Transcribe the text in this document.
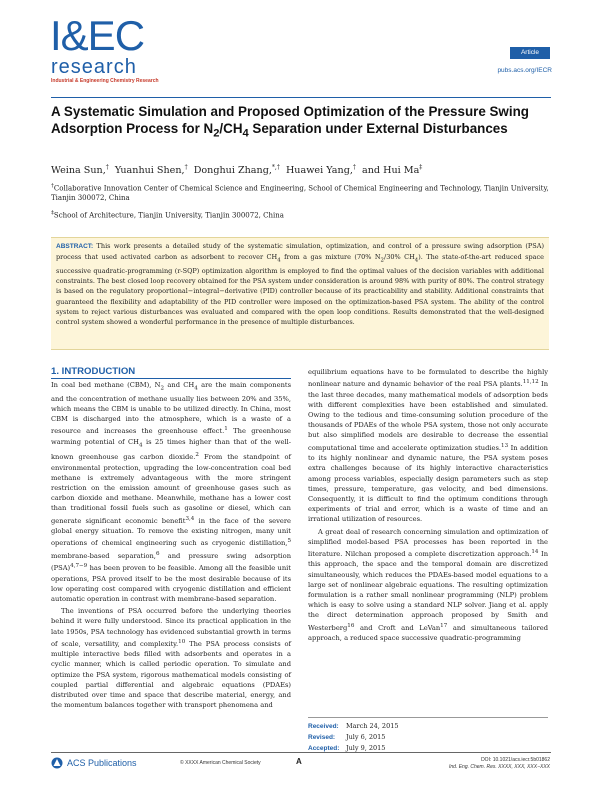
I&EC
research
Industrial & Engineering Chemistry Research
Article
pubs.acs.org/IECR
A Systematic Simulation and Proposed Optimization of the Pressure Swing Adsorption Process for $N_2/CH_4$ Separation under External Disturbances
Weina Sun,† Yuanhui Shen,† Donghui Zhang,*,† Huawei Yang,† and Hui Ma‡
†Collaborative Innovation Center of Chemical Science and Engineering, School of Chemical Engineering and Technology, Tianjin University, Tianjin 300072, China
‡School of Architecture, Tianjin University, Tianjin 300072, China
ABSTRACT: This work presents a detailed study of the systematic simulation, optimization, and control of a pressure swing adsorption (PSA) process that used activated carbon as adsorbent to recover $CH_4$ from a gas mixture (70% $N_2/30\%$ $CH_4$). The state-of-the-art reduced space successive quadratic-programming (r-SQP) optimization algorithm is employed to find the optimal values of the decision variables with additional constraints. The best closed loop recovery obtained for the PSA system under consideration is around 98% with purity of 80%. The control strategy is based on the regulatory proportional−integral−derivative (PID) controller because of its practicability and stability. Additional constraints that guaranteed the flexibility and adaptability of the PID controller were imposed on the optimization-based PSA system. The ability of the control system to reject various disturbances was evaluated and compared with the open loop conditions. Results demonstrated that the well-designed control system showed a wonderful performance in the presence of multiple disturbances.
1. INTRODUCTION

In coal bed methane (CBM), $N_2$ and $CH_4$ are the main components and the concentration of methane usually lies between 20% and 35%, which means the CBM is unable to be utilized directly. In China, most CBM is discharged into the atmosphere, which is a waste of a resource and increases the greenhouse effect.$^1$ The greenhouse warming potential of $CH_4$ is 25 times higher than that of the well-known greenhouse gas carbon dioxide.$^2$ From the standpoint of environmental protection, upgrading the low-concentration coal bed methane is extremely advantageous with the more stringent restriction on the emission amount of greenhouse gases such as carbon dioxide and methane. Meanwhile, methane has a lower cost than traditional fossil fuels such as gasoline or diesel, which can generate significant economic benefit$^{3,4}$ in the face of the severe global energy situation. To remove the existing nitrogen, many unit operations of chemical engineering such as cryogenic distillation,$^5$ membrane-based separation,$^6$ and pressure swing adsorption (PSA)$^{4,7-9}$ has been proven to be feasible. Among all the feasible unit operations, PSA proved itself to be the most desirable because of its low operating cost compared with cryogenic distillation and efficient automatic operation in contrast with membrane-based separation.

The inventions of PSA occurred before the underlying theories behind it were fully understood. Since its practical application in the late 1950s, PSA technology has evidenced substantial growth in terms of scale, versatility, and complexity.$^{10}$ The PSA process consists of multiple interactive beds filled with adsorbents and operates in a cyclic manner, which is called periodic operation. To simulate and optimize the PSA system, rigorous mathematical models consisting of coupled partial differential and algebraic equations (PDAEs) distributed over time and space that describe material, energy, and the momentum balances together with transport phenomena and

equilibrium equations have to be formulated to describe the highly nonlinear nature and dynamic behavior of the real PSA plants.$^{11,12}$ In the last three decades, many mathematical models of adsorption beds with different complexities have been established and simulated. Owing to the tedious and time-consuming solution procedure of the thousands of PDAEs of the whole PSA system, those not only accurate but also simplified models are desirable to decrease the essential computational time and accelerate optimization studies.$^{13}$ In addition to its highly nonlinear and dynamic nature, the PSA system poses extra challenges because of its highly interactive characteristics among process variables, especially design parameters such as step times, pressure, temperature, gas velocity, and bed dimensions. Consequently, it is difficult to find the optimum conditions through experiments of trial and error, which is a waste of time and an irrational utilization of resources.

A great deal of research concerning simulation and optimization of simplified model-based PSA processes has been reported in the literature. Nilchan proposed a complete discretization approach.$^{14}$ In this approach, the space and the temporal domain are discretized simultaneously, which reduces the PDAEs-based model equations to a large set of nonlinear algebraic equations. The resulting optimization formulation is a rather small nonlinear programming (NLP) problem which is easy to solve using a standard NLP solver. Jiang et al. apply the direct determination approach proposed by Smith and Westerberg$^{16}$ and Croft and LeVan$^{17}$ and simultaneous tailored approach, a reduced space successive quadratic-programming

Received: March 24, 2015
Revised: July 6, 2015
Accepted: July 9, 2015
ACS Publications	© XXXX American Chemical Society	A	DOI: 10.1021/acs.iecr.5b01862
Ind. Eng. Chem. Res. XXXX, XXX, XXX−XXX
